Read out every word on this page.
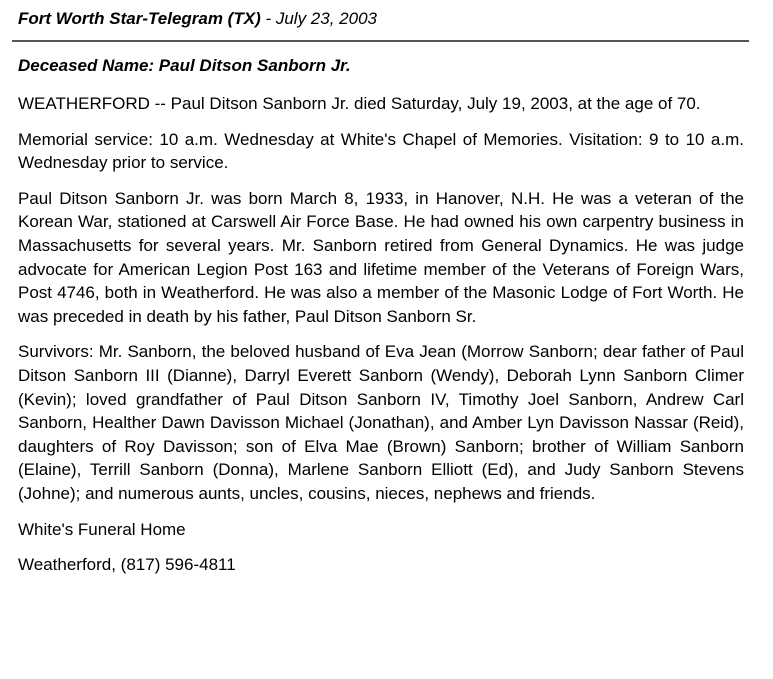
Fort Worth Star-Telegram (TX) - July 23, 2003
Deceased Name: Paul Ditson Sanborn Jr.

WEATHERFORD -- Paul Ditson Sanborn Jr. died Saturday, July 19, 2003, at the age of 70.

Memorial service: 10 a.m. Wednesday at White's Chapel of Memories. Visitation: 9 to 10 a.m. Wednesday prior to service.

Paul Ditson Sanborn Jr. was born March 8, 1933, in Hanover, N.H. He was a veteran of the Korean War, stationed at Carswell Air Force Base. He had owned his own carpentry business in Massachusetts for several years. Mr. Sanborn retired from General Dynamics. He was judge advocate for American Legion Post 163 and lifetime member of the Veterans of Foreign Wars, Post 4746, both in Weatherford. He was also a member of the Masonic Lodge of Fort Worth. He was preceded in death by his father, Paul Ditson Sanborn Sr.

Survivors: Mr. Sanborn, the beloved husband of Eva Jean (Morrow Sanborn; dear father of Paul Ditson Sanborn III (Dianne), Darryl Everett Sanborn (Wendy), Deborah Lynn Sanborn Climer (Kevin); loved grandfather of Paul Ditson Sanborn IV, Timothy Joel Sanborn, Andrew Carl Sanborn, Healther Dawn Davisson Michael (Jonathan), and Amber Lyn Davisson Nassar (Reid), daughters of Roy Davisson; son of Elva Mae (Brown) Sanborn; brother of William Sanborn (Elaine), Terrill Sanborn (Donna), Marlene Sanborn Elliott (Ed), and Judy Sanborn Stevens (Johne); and numerous aunts, uncles, cousins, nieces, nephews and friends.

White's Funeral Home

Weatherford, (817) 596-4811
